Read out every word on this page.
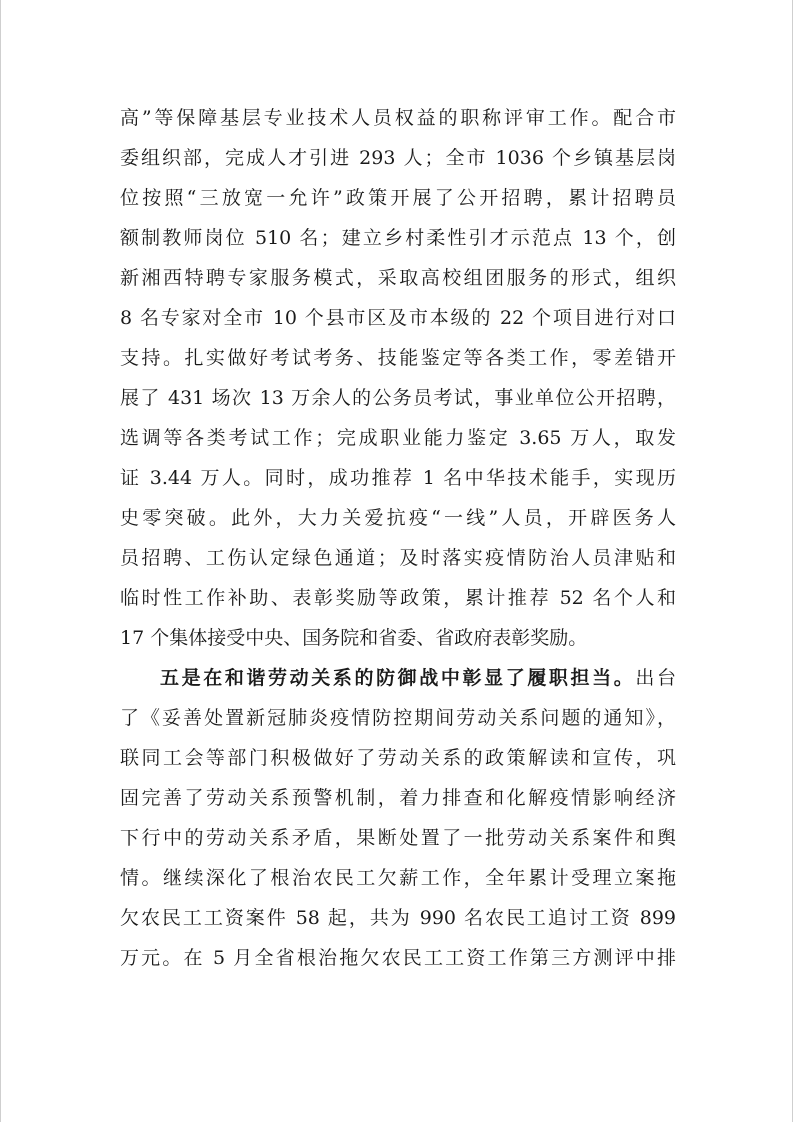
高”等保障基层专业技术人员权益的职称评审工作。配合市
委组织部，完成人才引进 293 人；全市 1036 个乡镇基层岗
位按照“三放宽一允许”政策开展了公开招聘，累计招聘员
额制教师岗位 510 名；建立乡村柔性引才示范点 13 个，创
新湘西特聘专家服务模式，采取高校组团服务的形式，组织
8 名专家对全市 10 个县市区及市本级的 22 个项目进行对口
支持。扎实做好考试考务、技能鉴定等各类工作，零差错开
展了 431 场次 13 万余人的公务员考试，事业单位公开招聘，
选调等各类考试工作；完成职业能力鉴定 3.65 万人，取发
证 3.44 万人。同时，成功推荐 1 名中华技术能手，实现历
史零突破。此外，大力关爱抗疫“一线”人员，开辟医务人
员招聘、工伤认定绿色通道；及时落实疫情防治人员津贴和
临时性工作补助、表彰奖励等政策，累计推荐 52 名个人和
17 个集体接受中央、国务院和省委、省政府表彰奖励。
五是在和谐劳动关系的防御战中彰显了履职担当。出台
了《妥善处置新冠肺炎疫情防控期间劳动关系问题的通知》，
联同工会等部门积极做好了劳动关系的政策解读和宣传，巩
固完善了劳动关系预警机制，着力排查和化解疫情影响经济
下行中的劳动关系矛盾，果断处置了一批劳动关系案件和舆
情。继续深化了根治农民工欠薪工作，全年累计受理立案拖
欠农民工工资案件 58 起，共为 990 名农民工追讨工资 899
万元。在 5 月全省根治拖欠农民工工资工作第三方测评中排
